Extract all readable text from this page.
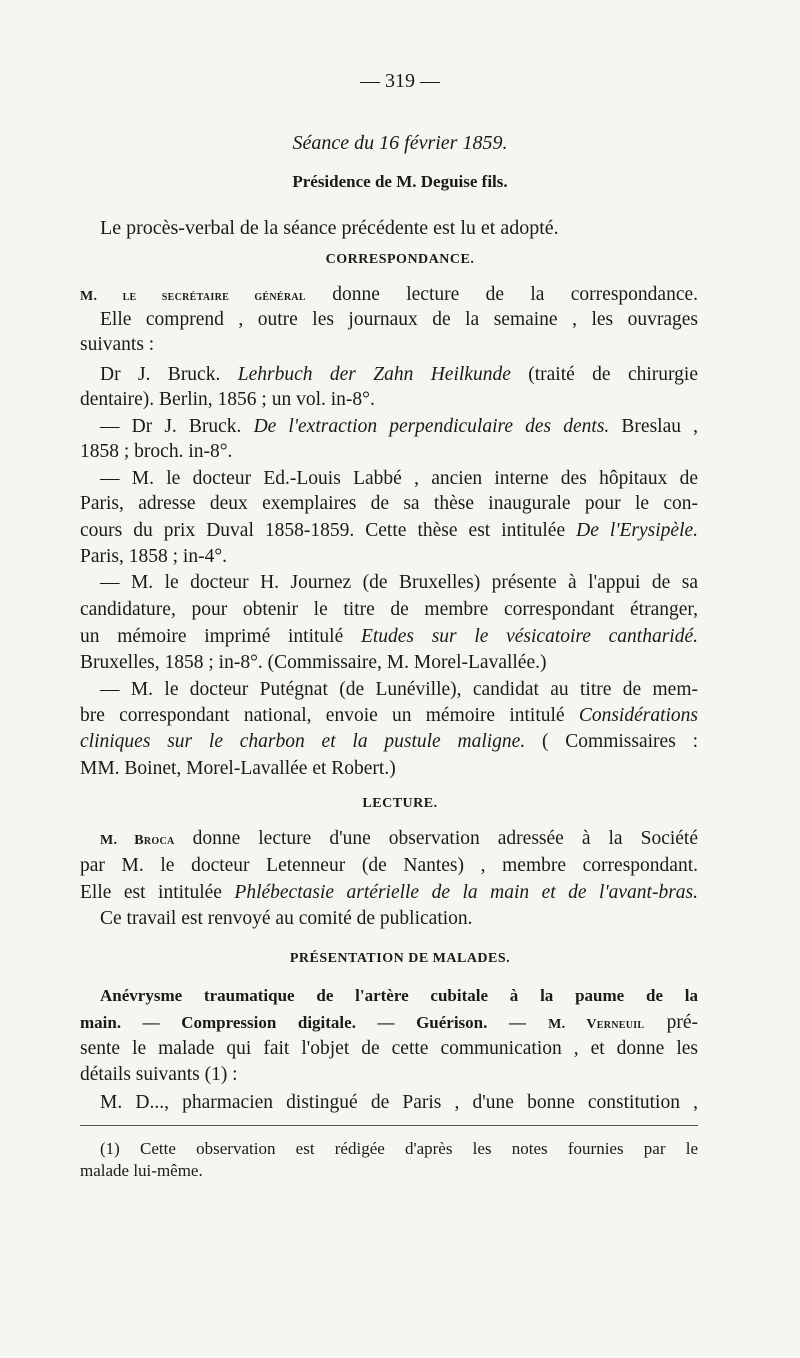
— 319 —
Séance du 16 février 1859.
Présidence de M. Deguise fils.
Le procès-verbal de la séance précédente est lu et adopté.
CORRESPONDANCE.
M. le secrétaire général donne lecture de la correspondance.
Elle comprend , outre les journaux de la semaine , les ouvrages
suivants :
Dr J. Bruck. Lehrbuch der Zahn Heilkunde (traité de chirurgie
dentaire). Berlin, 1856 ; un vol. in-8°.
— Dr J. Bruck. De l'extraction perpendiculaire des dents. Breslau ,
1858 ; broch. in-8°.
— M. le docteur Ed.-Louis Labbé , ancien interne des hôpitaux de
Paris, adresse deux exemplaires de sa thèse inaugurale pour le con-
cours du prix Duval 1858-1859. Cette thèse est intitulée De l'Erysipèle.
Paris, 1858 ; in-4°.
— M. le docteur H. Journez (de Bruxelles) présente à l'appui de sa
candidature, pour obtenir le titre de membre correspondant étranger,
un mémoire imprimé intitulé Etudes sur le vésicatoire cantharidé.
Bruxelles, 1858 ; in-8°. (Commissaire, M. Morel-Lavallée.)
— M. le docteur Putégnat (de Lunéville), candidat au titre de mem-
bre correspondant national, envoie un mémoire intitulé Considérations
cliniques sur le charbon et la pustule maligne. ( Commissaires :
MM. Boinet, Morel-Lavallée et Robert.)
LECTURE.
M. Broca donne lecture d'une observation adressée à la Société
par M. le docteur Letenneur (de Nantes) , membre correspondant.
Elle est intitulée Phlébectasie artérielle de la main et de l'avant-bras.
Ce travail est renvoyé au comité de publication.
PRÉSENTATION DE MALADES.
Anévrysme traumatique de l'artère cubitale à la paume de la
main. — Compression digitale. — Guérison. — M. Verneuil pré-
sente le malade qui fait l'objet de cette communication , et donne les
détails suivants (1) :
M. D..., pharmacien distingué de Paris , d'une bonne constitution ,
(1) Cette observation est rédigée d'après les notes fournies par le
malade lui-même.
